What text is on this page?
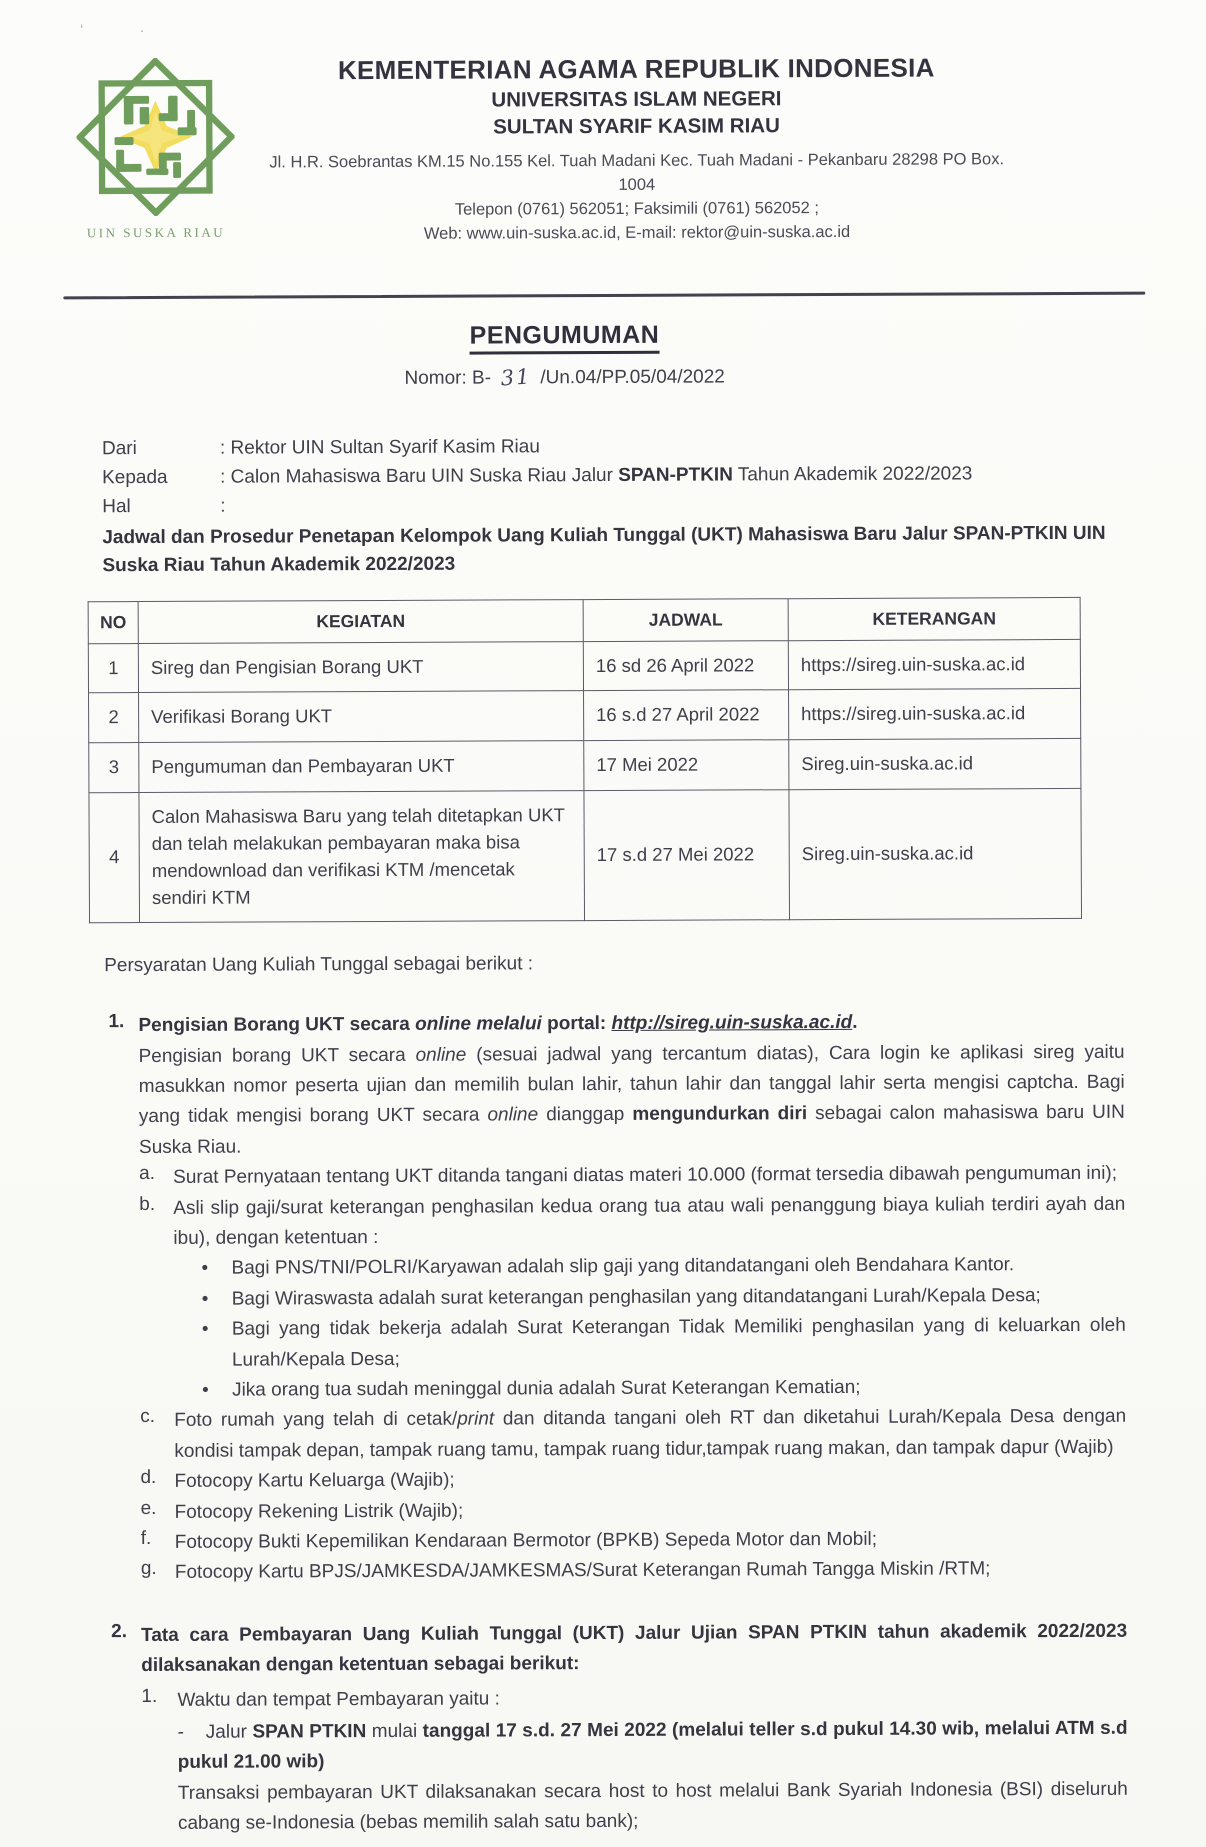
ʻ ·
UIN SUSKA RIAU
KEMENTERIAN AGAMA REPUBLIK INDONESIA
UNIVERSITAS ISLAM NEGERI
SULTAN SYARIF KASIM RIAU
Jl. H.R. Soebrantas KM.15 No.155 Kel. Tuah Madani Kec. Tuah Madani - Pekanbaru 28298 PO Box. 1004
Telepon (0761) 562051; Faksimili (0761) 562052 ;
Web: www.uin-suska.ac.id, E-mail: rektor@uin-suska.ac.id
PENGUMUMAN
Nomor: B- 31 /Un.04/PP.05/04/2022
Dari	: Rektor UIN Sultan Syarif Kasim Riau
Kepada	: Calon Mahasiswa Baru UIN Suska Riau Jalur SPAN-PTKIN Tahun Akademik 2022/2023
Hal	:
Jadwal dan Prosedur Penetapan Kelompok Uang Kuliah Tunggal (UKT) Mahasiswa Baru Jalur SPAN-PTKIN UIN Suska Riau Tahun Akademik 2022/2023
NO	KEGIATAN	JADWAL	KETERANGAN
1	Sireg dan Pengisian Borang UKT	16 sd 26 April 2022	https://sireg.uin-suska.ac.id
2	Verifikasi Borang UKT	16 s.d 27 April 2022	https://sireg.uin-suska.ac.id
3	Pengumuman dan Pembayaran UKT	17 Mei 2022	Sireg.uin-suska.ac.id
4	Calon Mahasiswa Baru yang telah ditetapkan UKT dan telah melakukan pembayaran maka bisa mendownload dan verifikasi KTM /mencetak sendiri KTM	17 s.d 27 Mei 2022	Sireg.uin-suska.ac.id
Persyaratan Uang Kuliah Tunggal sebagai berikut :
1. Pengisian Borang UKT secara online melalui portal: http://sireg.uin-suska.ac.id.
Pengisian borang UKT secara online (sesuai jadwal yang tercantum diatas), Cara login ke aplikasi sireg yaitu masukkan nomor peserta ujian dan memilih bulan lahir, tahun lahir dan tanggal lahir serta mengisi captcha. Bagi yang tidak mengisi borang UKT secara online dianggap mengundurkan diri sebagai calon mahasiswa baru UIN Suska Riau.
a. Surat Pernyataan tentang UKT ditanda tangani diatas materi 10.000 (format tersedia dibawah pengumuman ini);
b. Asli slip gaji/surat keterangan penghasilan kedua orang tua atau wali penanggung biaya kuliah terdiri ayah dan ibu), dengan ketentuan :
•	Bagi PNS/TNI/POLRI/Karyawan adalah slip gaji yang ditandatangani oleh Bendahara Kantor.
•	Bagi Wiraswasta adalah surat keterangan penghasilan yang ditandatangani Lurah/Kepala Desa;
•	Bagi yang tidak bekerja adalah Surat Keterangan Tidak Memiliki penghasilan yang di keluarkan oleh Lurah/Kepala Desa;
•	Jika orang tua sudah meninggal dunia adalah Surat Keterangan Kematian;
c.	Foto rumah yang telah di cetak/print dan ditanda tangani oleh RT dan diketahui Lurah/Kepala Desa dengan kondisi tampak depan, tampak ruang tamu, tampak ruang tidur,tampak ruang makan, dan tampak dapur (Wajib)
d. Fotocopy Kartu Keluarga (Wajib);
e. Fotocopy Rekening Listrik (Wajib);
f.	Fotocopy Bukti Kepemilikan Kendaraan Bermotor (BPKB) Sepeda Motor dan Mobil;
g. Fotocopy Kartu BPJS/JAMKESDA/JAMKESMAS/Surat Keterangan Rumah Tangga Miskin /RTM;
2. Tata cara Pembayaran Uang Kuliah Tunggal (UKT) Jalur Ujian SPAN PTKIN tahun akademik 2022/2023 dilaksanakan dengan ketentuan sebagai berikut:
1.	Waktu dan tempat Pembayaran yaitu :
-    Jalur SPAN PTKIN mulai tanggal 17 s.d. 27 Mei 2022 (melalui teller s.d pukul 14.30 wib, melalui ATM s.d pukul 21.00 wib)
Transaksi pembayaran UKT dilaksanakan secara host to host melalui Bank Syariah Indonesia (BSI) diseluruh cabang se-Indonesia (bebas memilih salah satu bank);
